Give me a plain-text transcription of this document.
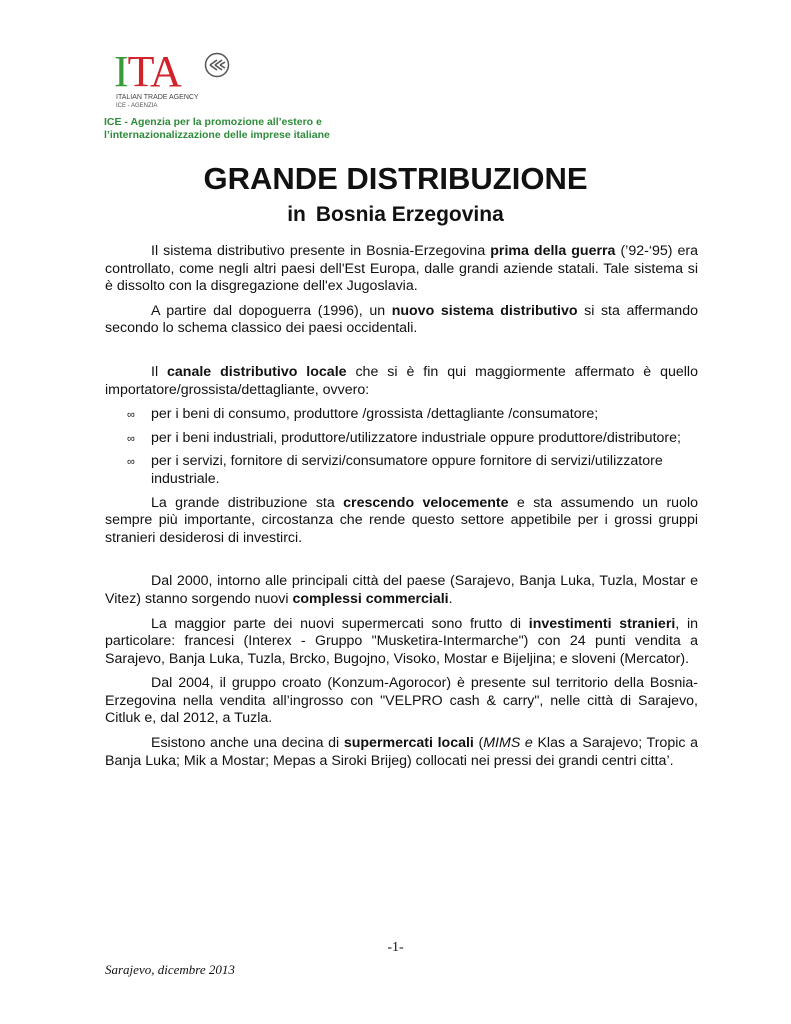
ITA
ITALIAN TRADE AGENCY
ICE - AGENZIA
ICE - Agenzia per la promozione all’estero e
l’internazionalizzazione delle imprese italiane
GRANDE DISTRIBUZIONE
in Bosnia Erzegovina

Il sistema distributivo presente in Bosnia-Erzegovina prima della guerra (’92-‘95) era controllato, come negli altri paesi dell'Est Europa, dalle grandi aziende statali. Tale sistema si è dissolto con la disgregazione dell'ex Jugoslavia.

A partire dal dopoguerra (1996), un nuovo sistema distributivo si sta affermando secondo lo schema classico dei paesi occidentali.

Il canale distributivo locale che si è fin qui maggiormente affermato è quello importatore/grossista/dettagliante, ovvero:

∞ per i beni di consumo, produttore /grossista /dettagliante /consumatore;
∞ per i beni industriali, produttore/utilizzatore industriale oppure produttore/distributore;
∞ per i servizi, fornitore di servizi/consumatore oppure fornitore di servizi/utilizzatore industriale.

La grande distribuzione sta crescendo velocemente e sta assumendo un ruolo sempre più importante, circostanza che rende questo settore appetibile per i grossi gruppi stranieri desiderosi di investirci.

Dal 2000, intorno alle principali città del paese (Sarajevo, Banja Luka, Tuzla, Mostar e Vitez) stanno sorgendo nuovi complessi commerciali.

La maggior parte dei nuovi supermercati sono frutto di investimenti stranieri, in particolare: francesi (Interex - Gruppo "Musketira-Intermarche") con 24 punti vendita a Sarajevo, Banja Luka, Tuzla, Brcko, Bugojno, Visoko, Mostar e Bijeljina; e sloveni (Mercator).

Dal 2004, il gruppo croato (Konzum-Agorocor) è presente sul territorio della Bosnia-Erzegovina nella vendita all’ingrosso con "VELPRO cash & carry", nelle città di Sarajevo, Citluk e, dal 2012, a Tuzla.

Esistono anche una decina di supermercati locali (MIMS e Klas a Sarajevo; Tropic a Banja Luka; Mik a Mostar; Mepas a Siroki Brijeg) collocati nei pressi dei grandi centri citta’.

-1-
Sarajevo, dicembre 2013
